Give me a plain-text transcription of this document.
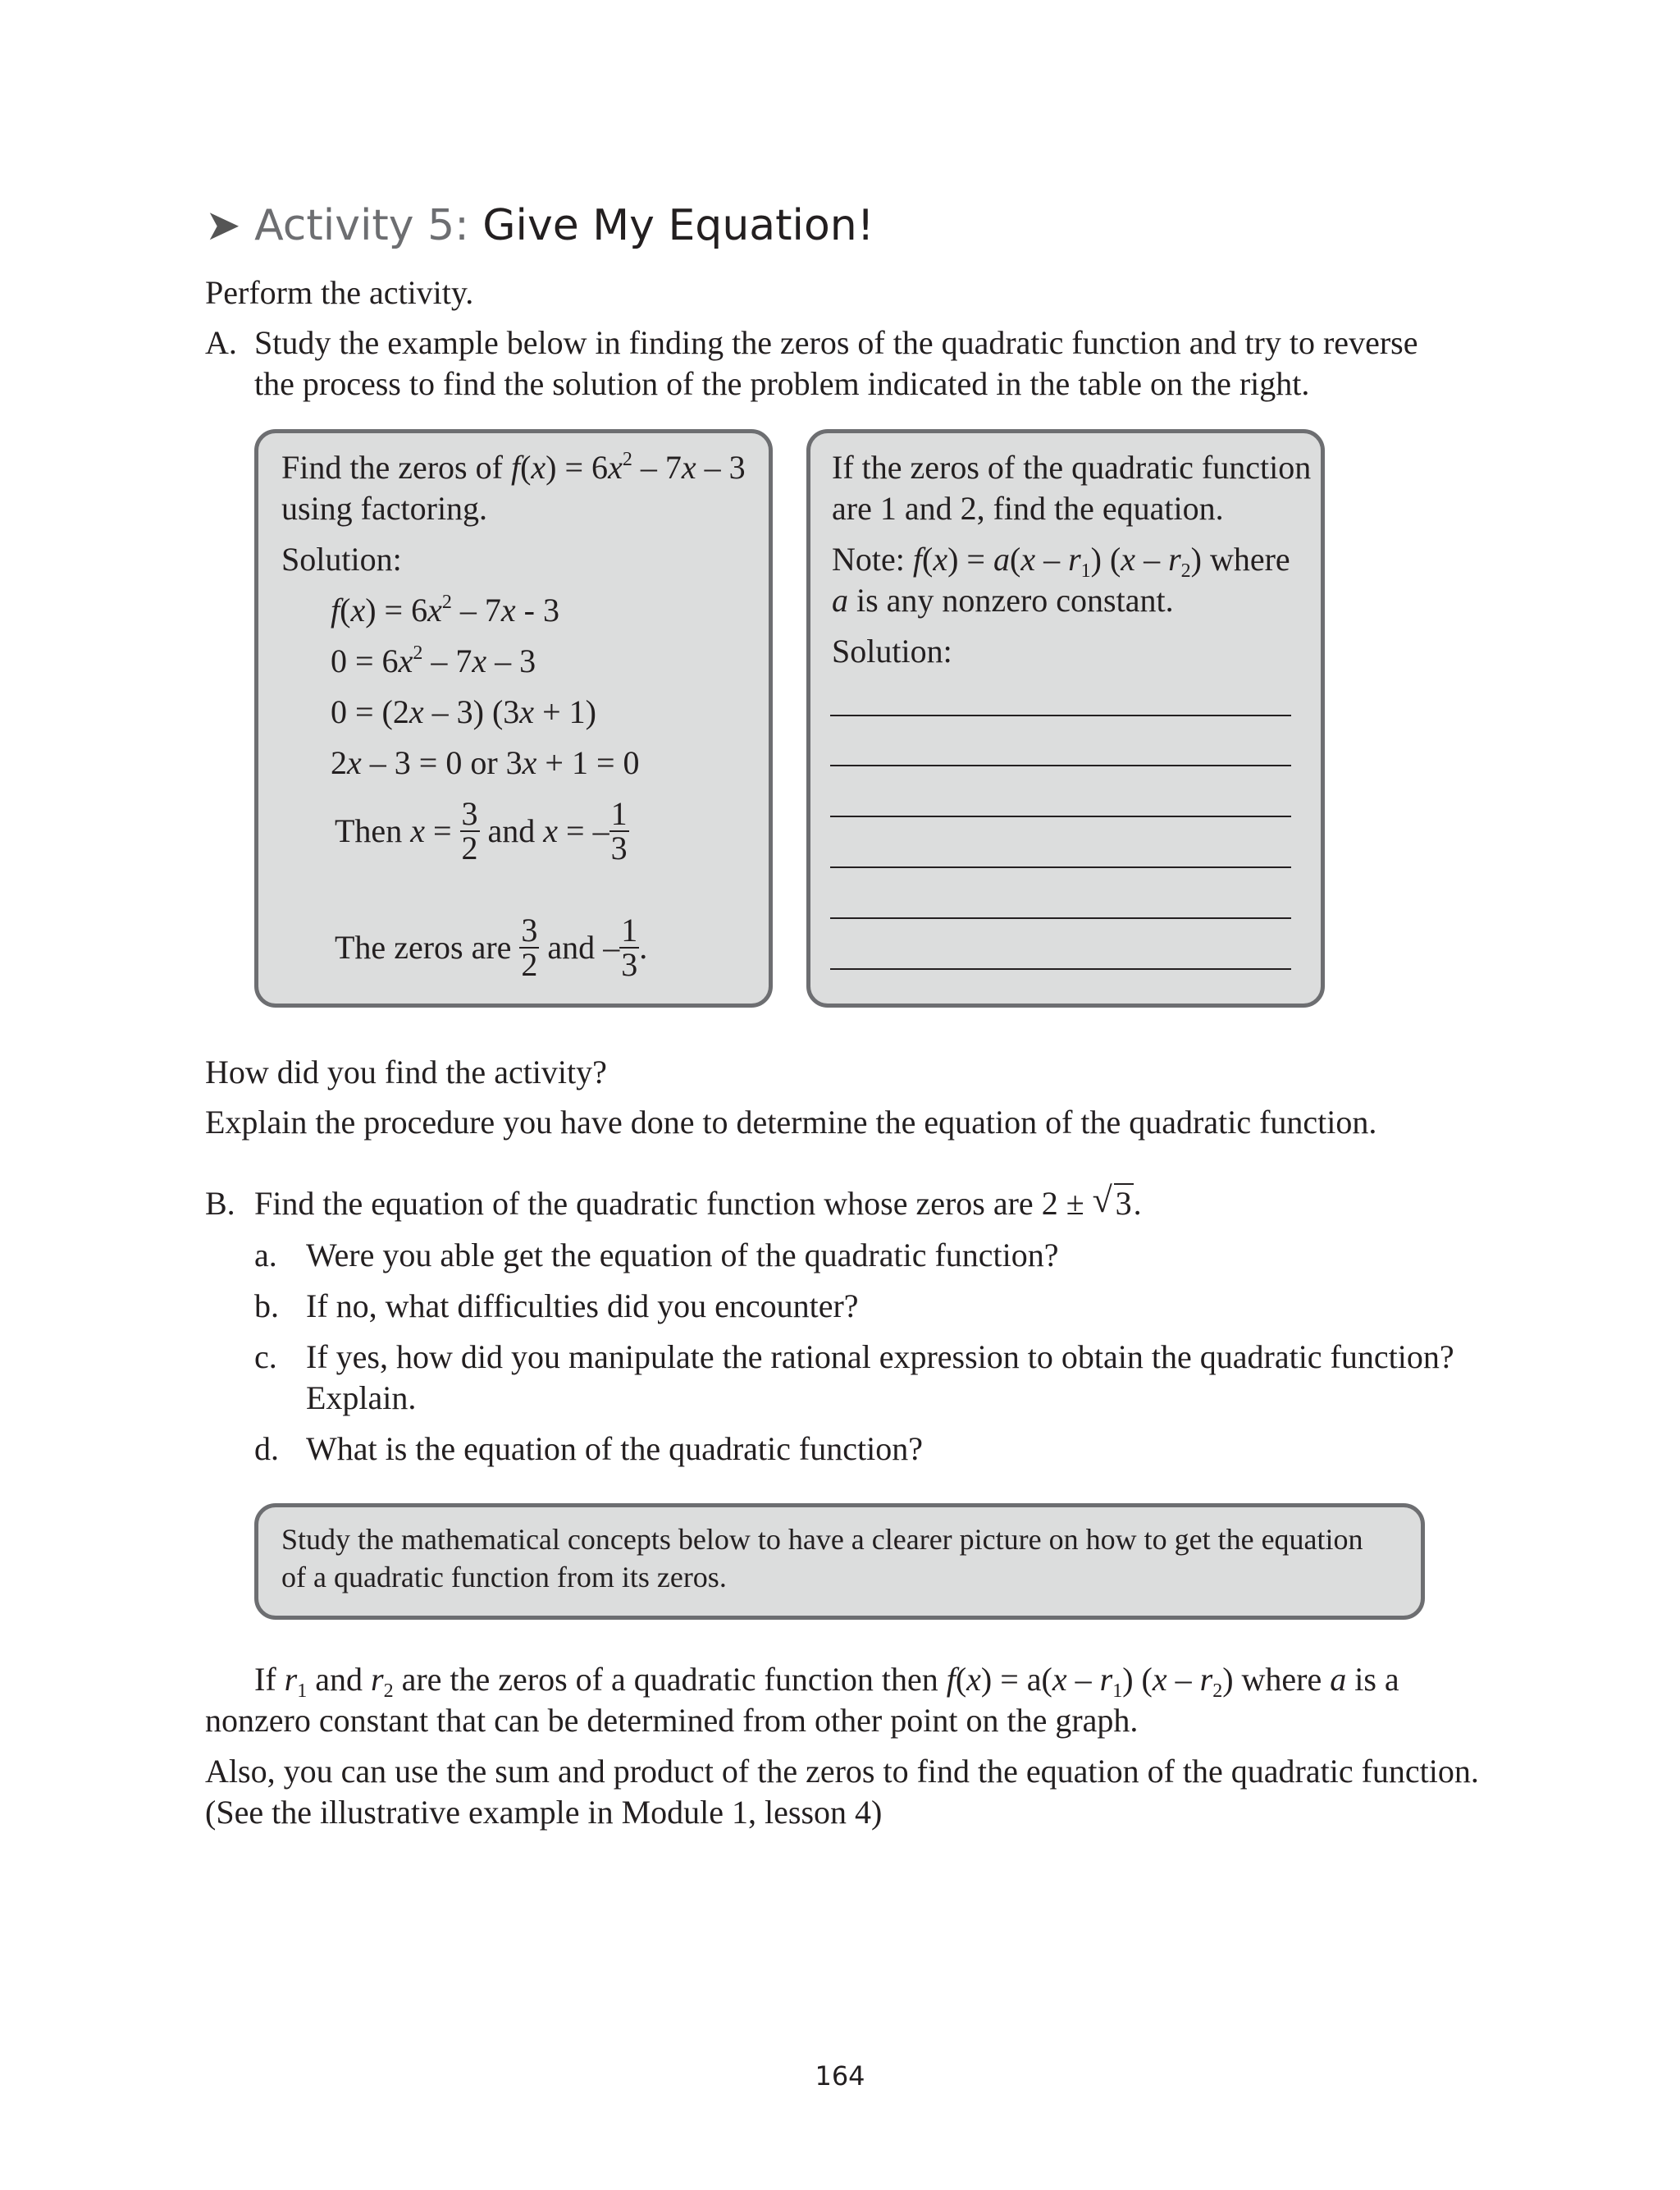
➤ Activity 5: Give My Equation!
Perform the activity.
A. Study the example below in finding the zeros of the quadratic function and try to reverse
the process to find the solution of the problem indicated in the table on the right.
Find the zeros of $f(x) = 6x^2 - 7x - 3$
using factoring.
Solution:
$f(x) = 6x^2 - 7x - 3$
$0 = 6x^2 - 7x - 3$
0 = (2x – 3) (3x + 1)
2x – 3 = 0 or 3x + 1 = 0
Then $x = \frac{3}{2}$ and x = – $\frac{1}{3}$
The zeros are $\frac{3}{2}$ and – $\frac{1}{3}$ .
If the zeros of the quadratic function
are 1 and 2, find the equation.
Note: $f(x) = a(x - r_1)$ $(x - r_2)$ where
a is any nonzero constant.
Solution:
How did you find the activity?
Explain the procedure you have done to determine the equation of the quadratic function.
B. Find the equation of the quadratic function whose zeros are 2 ± √ 3.
a. Were you able get the equation of the quadratic function?
b. If no, what difficulties did you encounter?
c. If yes, how did you manipulate the rational expression to obtain the quadratic function?
Explain.
d. What is the equation of the quadratic function?
Study the mathematical concepts below to have a clearer picture on how to get the equation
of a quadratic function from its zeros.
If $r_1$ and $r_2$ are the zeros of a quadratic function then $f(x) = a(x - r_1)$ $(x - r_2)$ where a is a
nonzero constant that can be determined from other point on the graph.
Also, you can use the sum and product of the zeros to find the equation of the quadratic function.
(See the illustrative example in Module 1, lesson 4)
164
